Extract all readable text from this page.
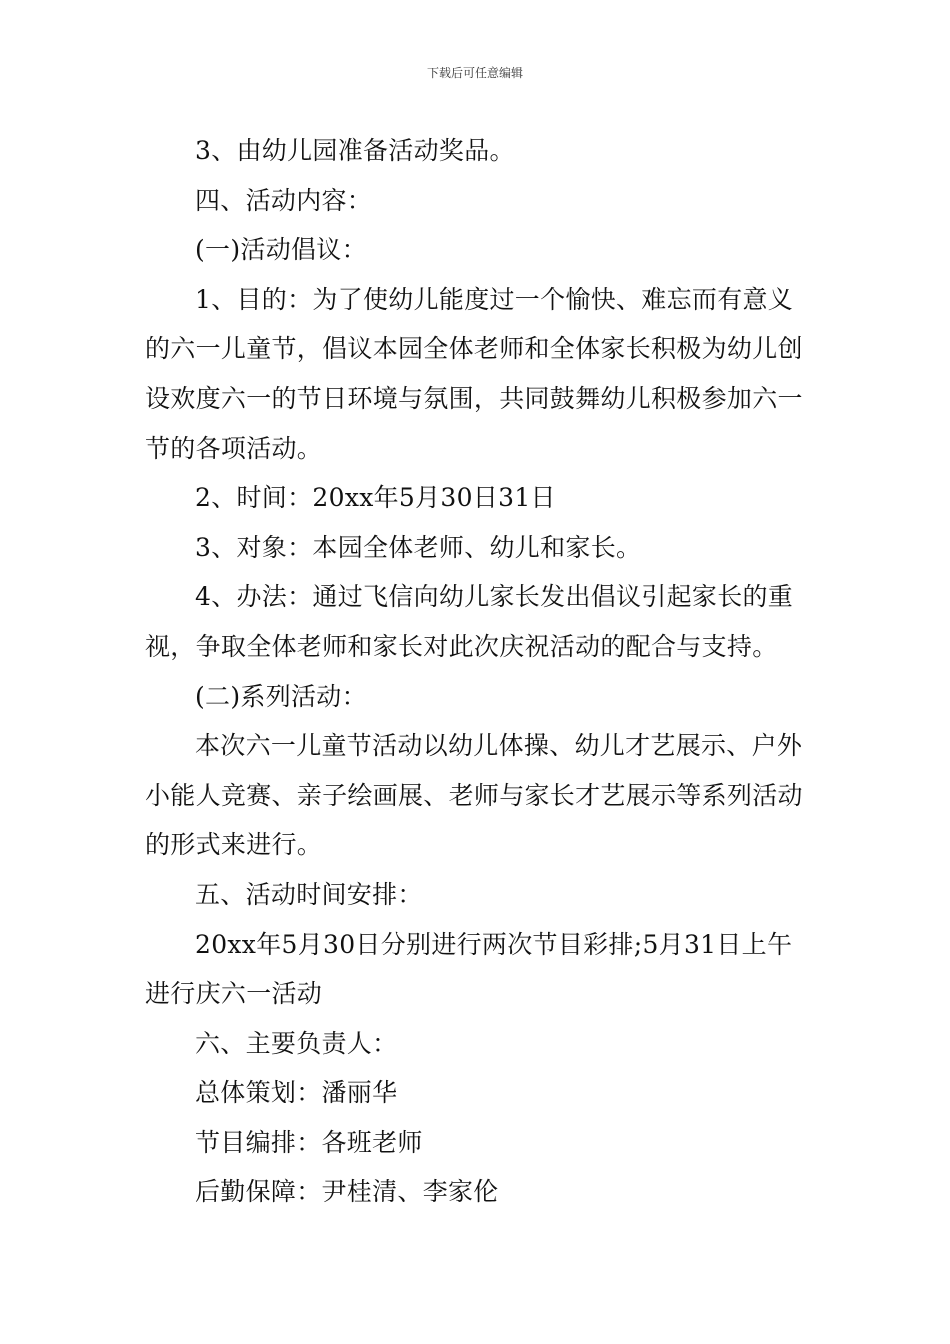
下载后可任意编辑

3、由幼儿园准备活动奖品。

四、活动内容：

(一)活动倡议：

1、目的：为了使幼儿能度过一个愉快、难忘而有意义的六一儿童节，倡议本园全体老师和全体家长积极为幼儿创设欢度六一的节日环境与氛围，共同鼓舞幼儿积极参加六一节的各项活动。

2、时间：20xx年5月30日31日

3、对象：本园全体老师、幼儿和家长。

4、办法：通过飞信向幼儿家长发出倡议引起家长的重视，争取全体老师和家长对此次庆祝活动的配合与支持。

(二)系列活动：

本次六一儿童节活动以幼儿体操、幼儿才艺展示、户外小能人竞赛、亲子绘画展、老师与家长才艺展示等系列活动的形式来进行。

五、活动时间安排：

20xx年5月30日分别进行两次节目彩排;5月31日上午进行庆六一活动

六、主要负责人：

总体策划：潘丽华

节目编排：各班老师

后勤保障：尹桂清、李家伦
